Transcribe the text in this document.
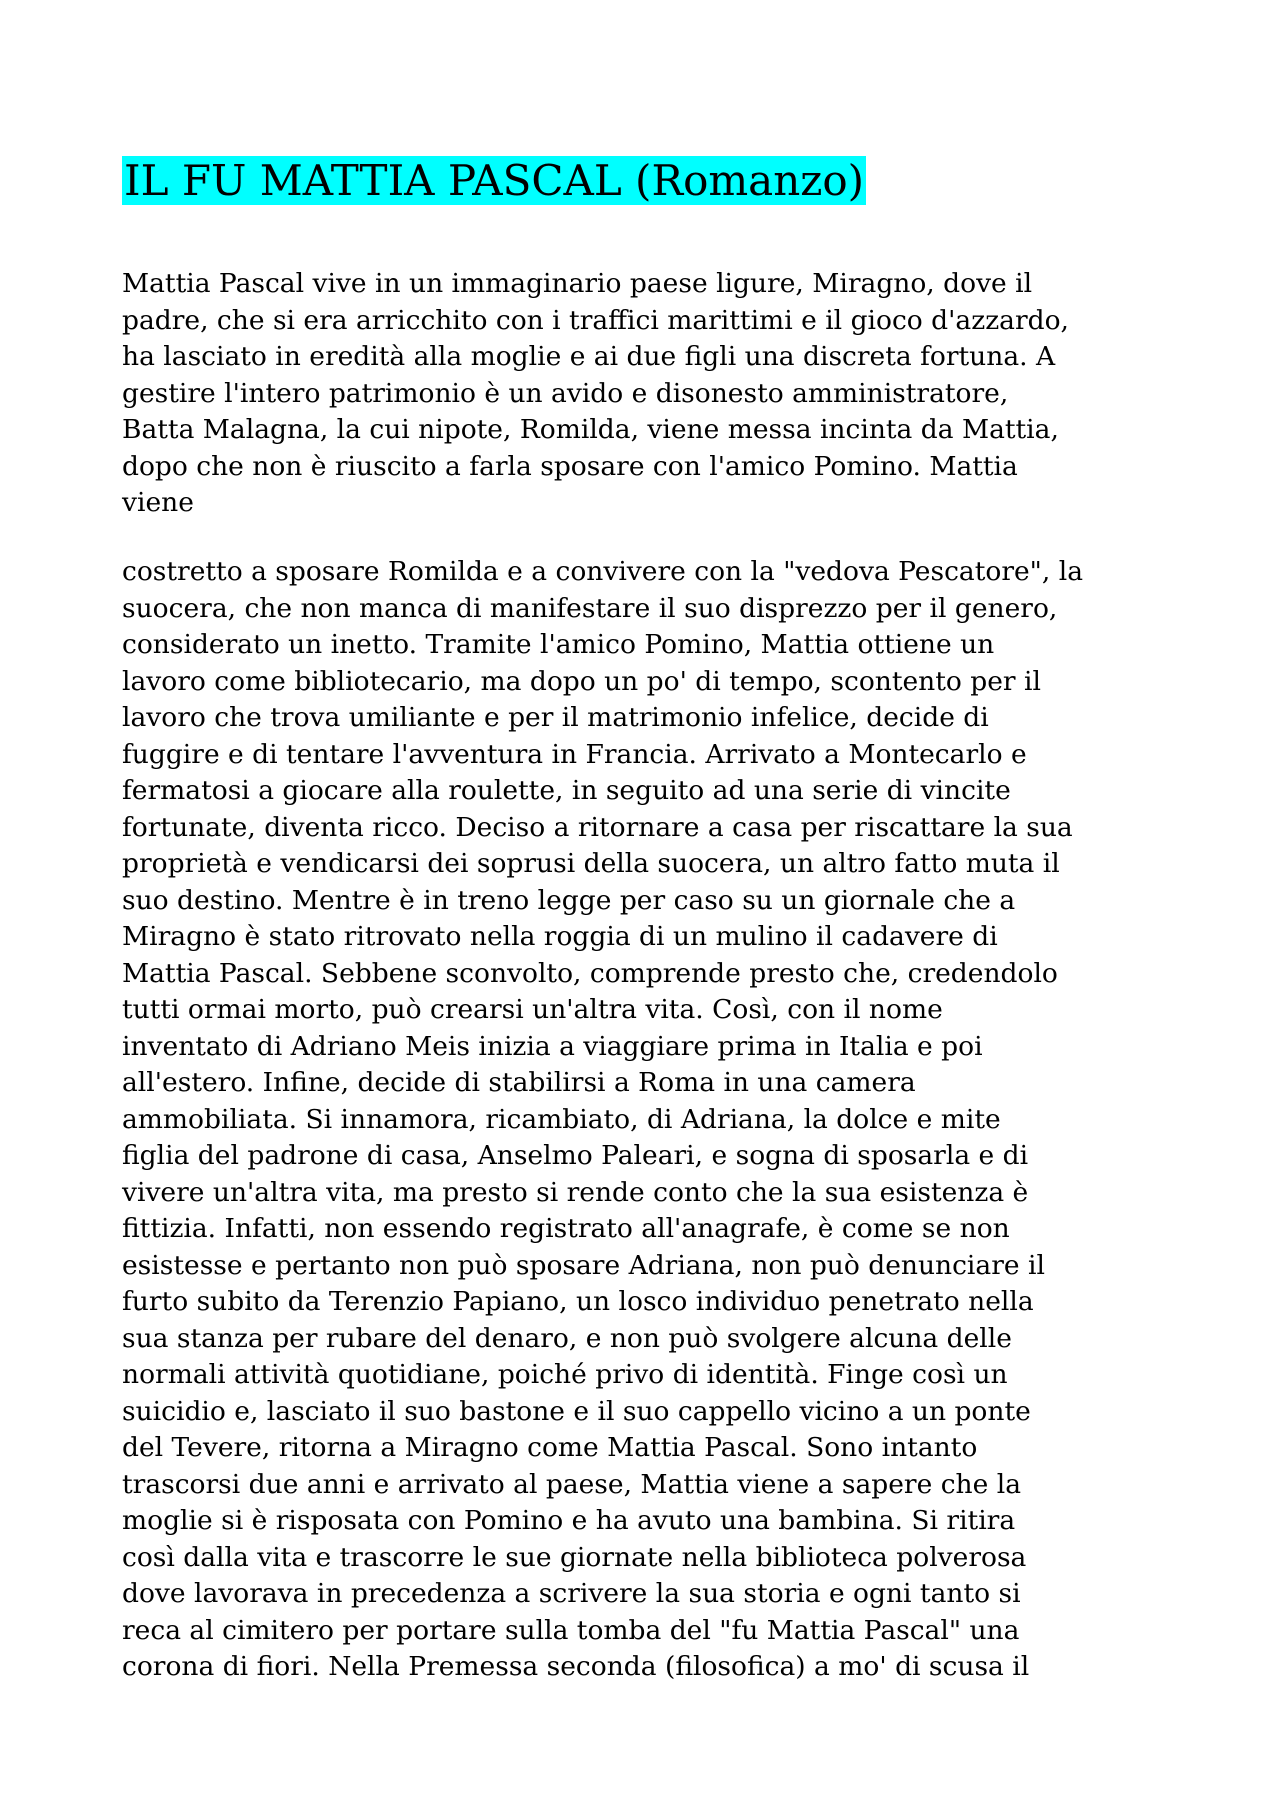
IL FU MATTIA PASCAL (Romanzo)
Mattia Pascal vive in un immaginario paese ligure, Miragno, dove il
padre, che si era arricchito con i traffici marittimi e il gioco d'azzardo,
ha lasciato in eredità alla moglie e ai due figli una discreta fortuna. A
gestire l'intero patrimonio è un avido e disonesto amministratore,
Batta Malagna, la cui nipote, Romilda, viene messa incinta da Mattia,
dopo che non è riuscito a farla sposare con l'amico Pomino. Mattia
viene
costretto a sposare Romilda e a convivere con la "vedova Pescatore", la
suocera, che non manca di manifestare il suo disprezzo per il genero,
considerato un inetto. Tramite l'amico Pomino, Mattia ottiene un
lavoro come bibliotecario, ma dopo un po' di tempo, scontento per il
lavoro che trova umiliante e per il matrimonio infelice, decide di
fuggire e di tentare l'avventura in Francia. Arrivato a Montecarlo e
fermatosi a giocare alla roulette, in seguito ad una serie di vincite
fortunate, diventa ricco. Deciso a ritornare a casa per riscattare la sua
proprietà e vendicarsi dei soprusi della suocera, un altro fatto muta il
suo destino. Mentre è in treno legge per caso su un giornale che a
Miragno è stato ritrovato nella roggia di un mulino il cadavere di
Mattia Pascal. Sebbene sconvolto, comprende presto che, credendolo
tutti ormai morto, può crearsi un'altra vita. Così, con il nome
inventato di Adriano Meis inizia a viaggiare prima in Italia e poi
all'estero. Infine, decide di stabilirsi a Roma in una camera
ammobiliata. Si innamora, ricambiato, di Adriana, la dolce e mite
figlia del padrone di casa, Anselmo Paleari, e sogna di sposarla e di
vivere un'altra vita, ma presto si rende conto che la sua esistenza è
fittizia. Infatti, non essendo registrato all'anagrafe, è come se non
esistesse e pertanto non può sposare Adriana, non può denunciare il
furto subito da Terenzio Papiano, un losco individuo penetrato nella
sua stanza per rubare del denaro, e non può svolgere alcuna delle
normali attività quotidiane, poiché privo di identità. Finge così un
suicidio e, lasciato il suo bastone e il suo cappello vicino a un ponte
del Tevere, ritorna a Miragno come Mattia Pascal. Sono intanto
trascorsi due anni e arrivato al paese, Mattia viene a sapere che la
moglie si è risposata con Pomino e ha avuto una bambina. Si ritira
così dalla vita e trascorre le sue giornate nella biblioteca polverosa
dove lavorava in precedenza a scrivere la sua storia e ogni tanto si
reca al cimitero per portare sulla tomba del "fu Mattia Pascal" una
corona di fiori. Nella Premessa seconda (filosofica) a mo' di scusa il
